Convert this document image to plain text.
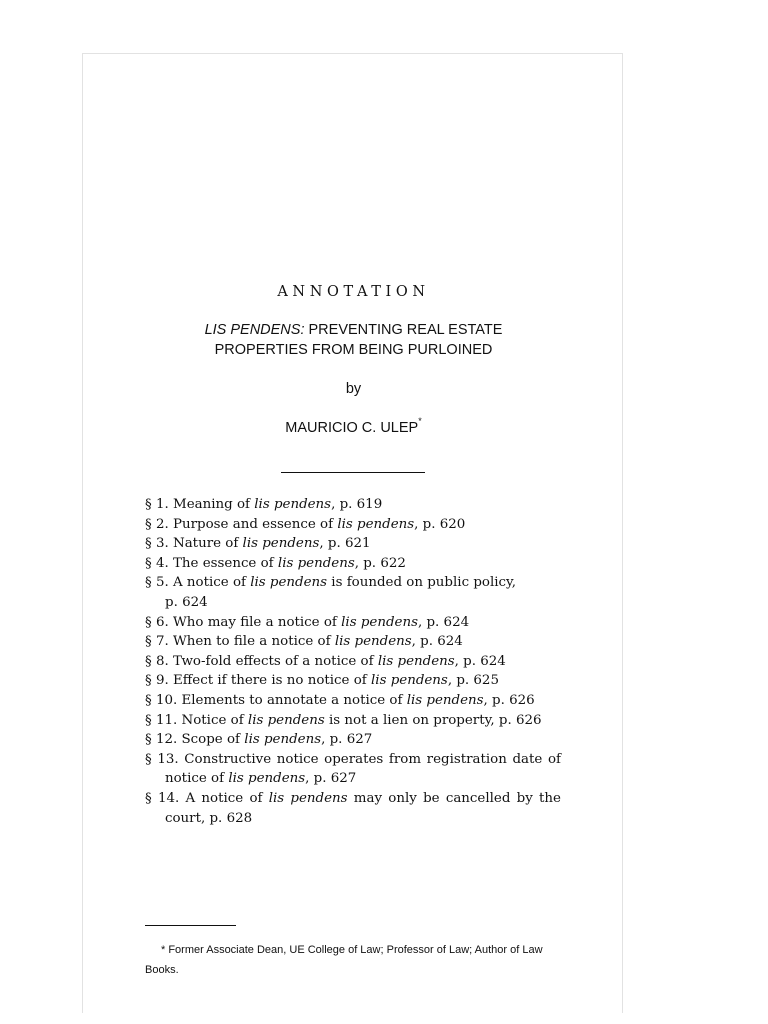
ANNOTATION
LIS PENDENS: PREVENTING REAL ESTATE
PROPERTIES FROM BEING PURLOINED
by
MAURICIO C. ULEP*
§ 1. Meaning of lis pendens, p. 619
§ 2. Purpose and essence of lis pendens, p. 620
§ 3. Nature of lis pendens, p. 621
§ 4. The essence of lis pendens, p. 622
§ 5. A notice of lis pendens is founded on public policy,
p. 624
§ 6. Who may file a notice of lis pendens, p. 624
§ 7. When to file a notice of lis pendens, p. 624
§ 8. Two-fold effects of a notice of lis pendens, p. 624
§ 9. Effect if there is no notice of lis pendens, p. 625
§ 10. Elements to annotate a notice of lis pendens, p. 626
§ 11. Notice of lis pendens is not a lien on property, p. 626
§ 12. Scope of lis pendens, p. 627
§ 13. Constructive notice operates from registration date of notice of lis pendens, p. 627
§ 14. A notice of lis pendens may only be cancelled by the court, p. 628
* Former Associate Dean, UE College of Law; Professor of Law; Author of Law Books.
